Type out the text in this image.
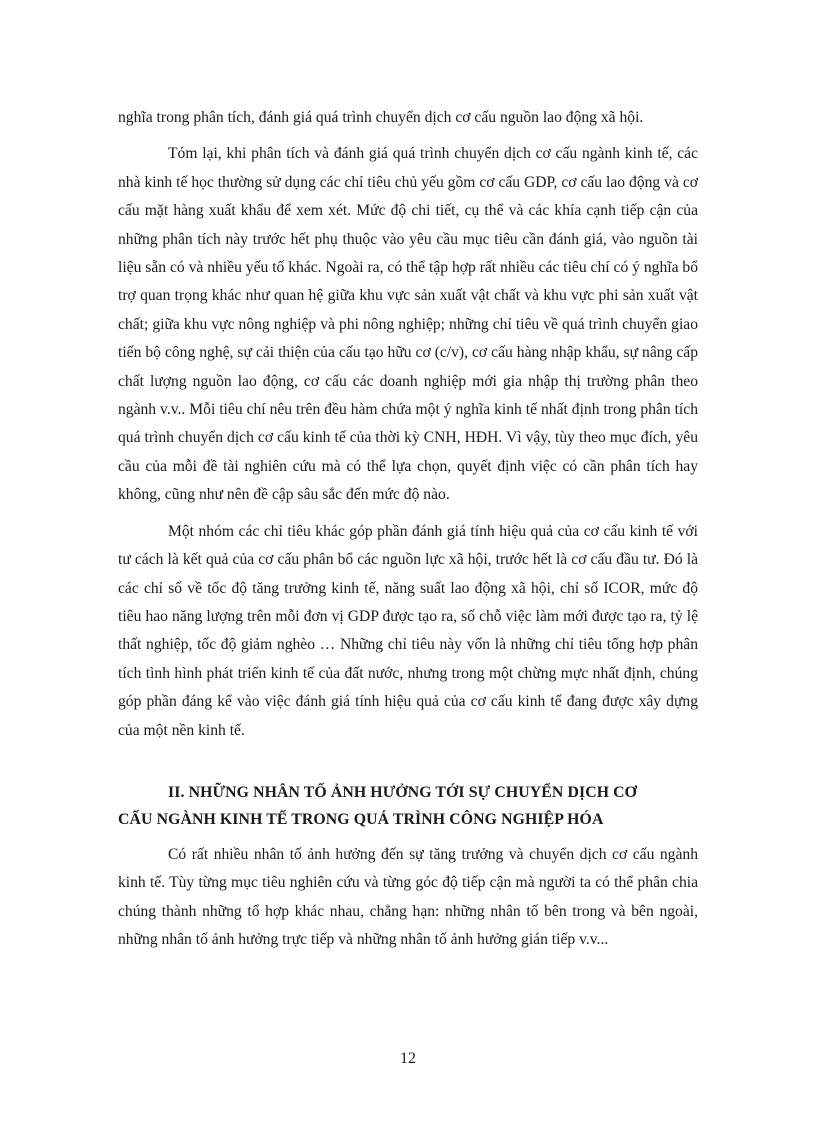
nghĩa trong phân tích, đánh giá quá trình chuyển dịch cơ cấu nguồn lao động xã hội.

Tóm lại, khi phân tích và đánh giá quá trình chuyển dịch cơ cấu ngành kinh tế, các nhà kinh tế học thường sử dụng các chỉ tiêu chủ yếu gồm cơ cấu GDP, cơ cấu lao động và cơ cấu mặt hàng xuất khẩu để xem xét. Mức độ chi tiết, cụ thể và các khía cạnh tiếp cận của những phân tích này trước hết phụ thuộc vào yêu cầu mục tiêu cần đánh giá, vào nguồn tài liệu sẵn có và nhiều yếu tố khác. Ngoài ra, có thể tập hợp rất nhiều các tiêu chí có ý nghĩa bổ trợ quan trọng khác như quan hệ giữa khu vực sản xuất vật chất và khu vực phi sản xuất vật chất; giữa khu vực nông nghiệp và phi nông nghiệp; những chỉ tiêu về quá trình chuyển giao tiến bộ công nghệ, sự cải thiện của cấu tạo hữu cơ (c/v), cơ cấu hàng nhập khẩu, sự nâng cấp chất lượng nguồn lao động, cơ cấu các doanh nghiệp mới gia nhập thị trường phân theo ngành v.v.. Mỗi tiêu chí nêu trên đều hàm chứa một ý nghĩa kinh tế nhất định trong phân tích quá trình chuyển dịch cơ cấu kinh tế của thời kỳ CNH, HĐH. Vì vậy, tùy theo mục đích, yêu cầu của mỗi đề tài nghiên cứu mà có thể lựa chọn, quyết định việc có cần phân tích hay không, cũng như nên đề cập sâu sắc đến mức độ nào.

Một nhóm các chỉ tiêu khác góp phần đánh giá tính hiệu quả của cơ cấu kinh tế với tư cách là kết quả của cơ cấu phân bổ các nguồn lực xã hội, trước hết là cơ cấu đầu tư. Đó là các chỉ số về tốc độ tăng trưởng kinh tế, năng suất lao động xã hội, chỉ số ICOR, mức độ tiêu hao năng lượng trên mỗi đơn vị GDP được tạo ra, số chỗ việc làm mới được tạo ra, tỷ lệ thất nghiệp, tốc độ giảm nghèo … Những chỉ tiêu này vốn là những chỉ tiêu tổng hợp phân tích tình hình phát triển kinh tế của đất nước, nhưng trong một chừng mực nhất định, chúng góp phần đáng kể vào việc đánh giá tính hiệu quả của cơ cấu kinh tế đang được xây dựng của một nền kinh tế.

II. NHỮNG NHÂN TỐ ẢNH HƯỞNG TỚI SỰ CHUYỂN DỊCH CƠ
CẤU NGÀNH KINH TẾ TRONG QUÁ TRÌNH CÔNG NGHIỆP HÓA

Có rất nhiều nhân tố ảnh hưởng đến sự tăng trưởng và chuyển dịch cơ cấu ngành kinh tế. Tùy từng mục tiêu nghiên cứu và từng góc độ tiếp cận mà người ta có thể phân chia chúng thành những tổ hợp khác nhau, chẳng hạn: những nhân tố bên trong và bên ngoài, những nhân tố ảnh hưởng trực tiếp và những nhân tố ảnh hưởng gián tiếp v.v...

12
